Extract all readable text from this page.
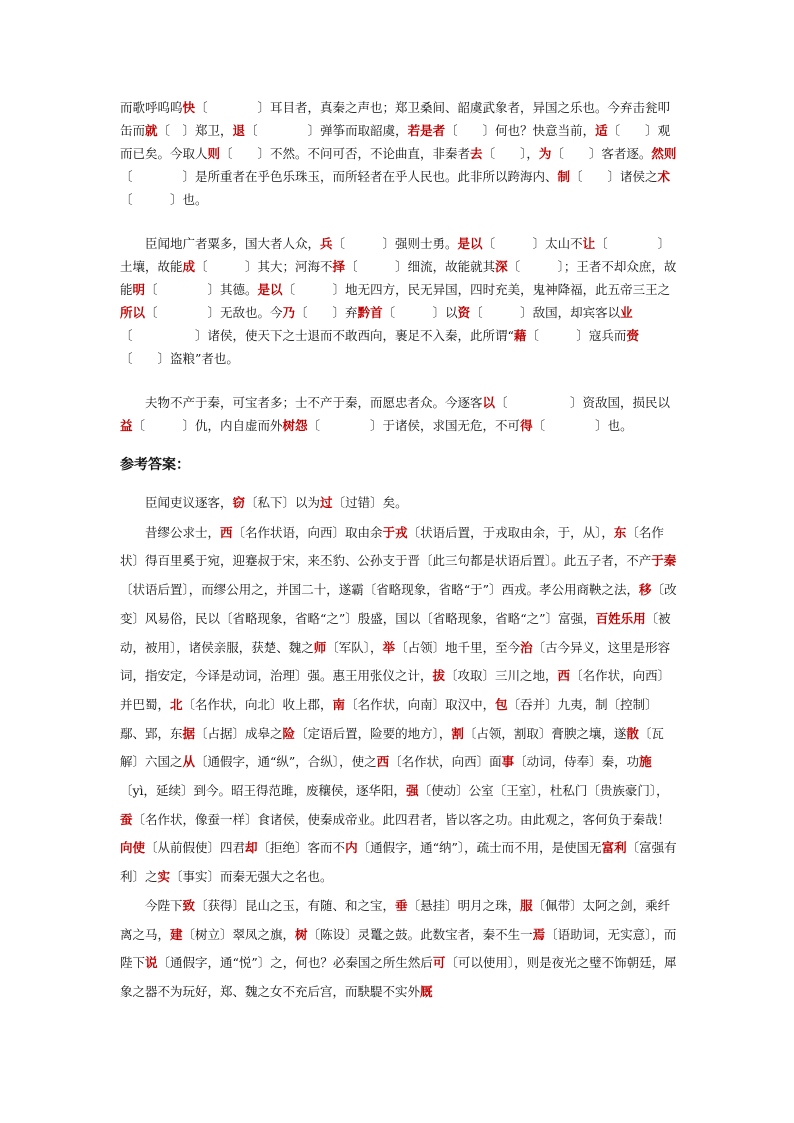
而歌呼呜呜快〔　　　　〕耳目者，真秦之声也；郑卫桑间、韶虞武象者，异国之乐也。今弃击瓮叩缶而就〔　〕郑卫，退〔　　　　〕弹筝而取韶虞，若是者〔　　〕何也？快意当前，适〔　　〕观而已矣。今取人则〔　　〕不然。不问可否，不论曲直，非秦者去〔　　〕，为〔　　〕客者逐。然则〔　　　　〕是所重者在乎色乐珠玉，而所轻者在乎人民也。此非所以跨海内、制〔　　〕诸侯之术〔　　　〕也。

臣闻地广者粟多，国大者人众，兵〔　　　〕强则士勇。是以〔　　　〕太山不让〔　　　　〕土壤，故能成〔　　　〕其大；河海不择〔　　　〕细流，故能就其深〔　　　〕；王者不却众庶，故能明〔　　　　〕其德。是以〔　　　〕地无四方，民无异国，四时充美，鬼神降福，此五帝三王之所以〔　　　　〕无敌也。今乃〔　　〕弃黔首〔　　　〕以资〔　　　〕敌国，却宾客以业〔　　　　　〕诸侯，使天下之士退而不敢西向，裹足不入秦，此所谓“藉〔　　　〕寇兵而赍〔　　〕盗粮”者也。

夫物不产于秦，可宝者多；士不产于秦，而愿忠者众。今逐客以〔　　　　　〕资敌国，损民以益〔　　　〕仇，内自虚而外树怨〔　　　　〕于诸侯，求国无危，不可得〔　　　　〕也。

参考答案：

臣闻吏议逐客，窃〔私下〕以为过〔过错〕矣。

昔缪公求士，西〔名作状语，向西〕取由余于戎〔状语后置，于戎取由余，于，从〕，东〔名作状〕得百里奚于宛，迎蹇叔于宋，来丕豹、公孙支于晋〔此三句都是状语后置〕。此五子者，不产于秦〔状语后置〕，而缪公用之，并国二十，遂霸〔省略现象，省略“于”〕西戎。孝公用商鞅之法，移〔改变〕风易俗，民以〔省略现象，省略“之”〕殷盛，国以〔省略现象，省略“之”〕富强，百姓乐用〔被动，被用〕，诸侯亲服，获楚、魏之师〔军队〕，举〔占领〕地千里，至今治〔古今异义，这里是形容词，指安定，今译是动词，治理〕强。惠王用张仪之计，拔〔攻取〕三川之地，西〔名作状，向西〕并巴蜀，北〔名作状，向北〕收上郡，南〔名作状，向南〕取汉中，包〔吞并〕九夷，制〔控制〕鄢、郢，东据〔占据〕成皋之险〔定语后置，险要的地方〕，割〔占领，割取〕膏腴之壤，遂散〔瓦解〕六国之从〔通假字，通“纵”，合纵〕，使之西〔名作状，向西〕面事〔动词，侍奉〕秦，功施〔yì，延续〕到今。昭王得范雎，废穰侯，逐华阳，强〔使动〕公室〔王室〕，杜私门〔贵族豪门〕，蚕〔名作状，像蚕一样〕食诸侯，使秦成帝业。此四君者，皆以客之功。由此观之，客何负于秦哉！向使〔从前假使〕四君却〔拒绝〕客而不内〔通假字，通“纳”〕，疏士而不用，是使国无富利〔富强有利〕之实〔事实〕而秦无强大之名也。

今陛下致〔获得〕昆山之玉，有随、和之宝，垂〔悬挂〕明月之珠，服〔佩带〕太阿之剑，乘纤离之马，建〔树立〕翠凤之旗，树〔陈设〕灵鼍之鼓。此数宝者，秦不生一焉〔语助词，无实意〕，而陛下说〔通假字，通“悦”〕之，何也？必秦国之所生然后可〔可以使用〕，则是夜光之璧不饰朝廷，犀象之器不为玩好，郑、魏之女不充后宫，而駃騠不实外厩
